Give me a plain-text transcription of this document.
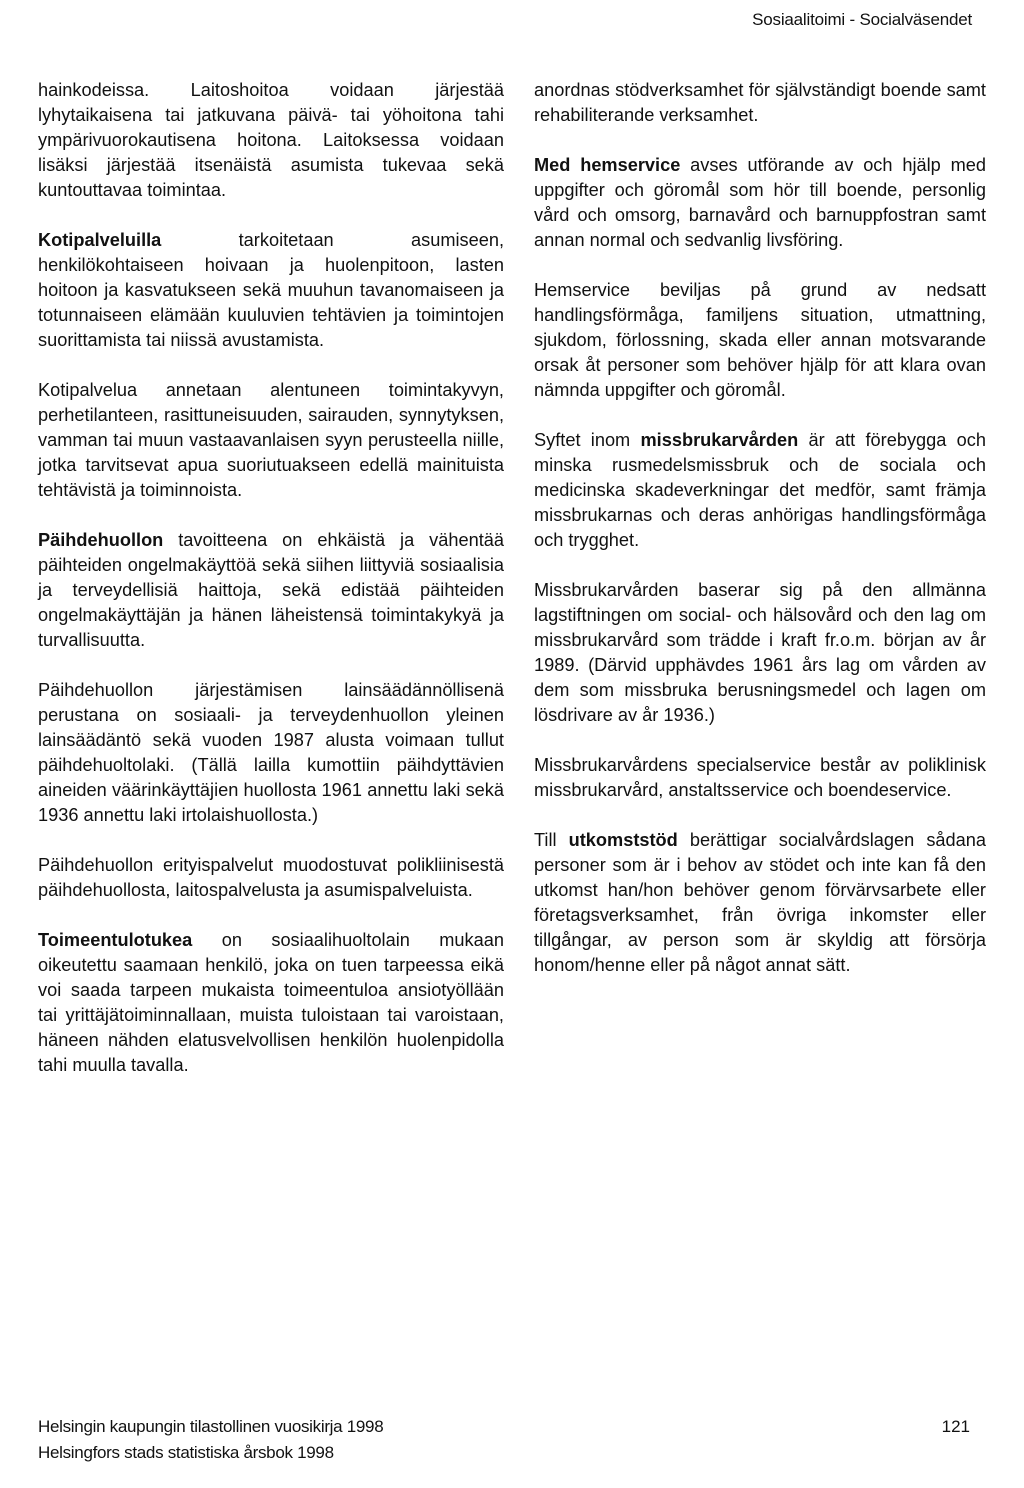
Sosiaalitoimi - Socialväsendet

hainkodeissa. Laitoshoitoa voidaan järjestää lyhytaikaisena tai jatkuvana päivä- tai yöhoitona tahi ympärivuorokautisena hoitona. Laitoksessa voidaan lisäksi järjestää itsenäistä asumista tukevaa sekä kuntouttavaa toimintaa.

Kotipalveluilla tarkoitetaan asumiseen, henkilökohtaiseen hoivaan ja huolenpitoon, lasten hoitoon ja kasvatukseen sekä muuhun tavanomaiseen ja totunnaiseen elämään kuuluvien tehtävien ja toimintojen suorittamista tai niissä avustamista.

Kotipalvelua annetaan alentuneen toimintakyvyn, perhetilanteen, rasittuneisuuden, sairauden, synnytyksen, vamman tai muun vastaavanlaisen syyn perusteella niille, jotka tarvitsevat apua suoriutuakseen edellä mainituista tehtävistä ja toiminnoista.

Päihdehuollon tavoitteena on ehkäistä ja vähentää päihteiden ongelmakäyttöä sekä siihen liittyviä sosiaalisia ja terveydellisiä haittoja, sekä edistää päihteiden ongelmakäyttäjän ja hänen läheistensä toimintakykyä ja turvallisuutta.

Päihdehuollon järjestämisen lainsäädännöllisenä perustana on sosiaali- ja terveydenhuollon yleinen lainsäädäntö sekä vuoden 1987 alusta voimaan tullut päihdehuoltolaki. (Tällä lailla kumottiin päihdyttävien aineiden väärinkäyttäjien huollosta 1961 annettu laki sekä 1936 annettu laki irtolaishuollosta.)

Päihdehuollon erityispalvelut muodostuvat polikliinisestä päihdehuollosta, laitospalvelusta ja asumispalveluista.

Toimeentulotukea on sosiaalihuoltolain mukaan oikeutettu saamaan henkilö, joka on tuen tarpeessa eikä voi saada tarpeen mukaista toimeentuloa ansiotyöllään tai yrittäjätoiminnallaan, muista tuloistaan tai varoistaan, häneen nähden elatusvelvollisen henkilön huolenpidolla tahi muulla tavalla.

anordnas stödverksamhet för självständigt boende samt rehabiliterande verksamhet.

Med hemservice avses utförande av och hjälp med uppgifter och göromål som hör till boende, personlig vård och omsorg, barnavård och barnuppfostran samt annan normal och sedvanlig livsföring.

Hemservice beviljas på grund av nedsatt handlingsförmåga, familjens situation, utmattning, sjukdom, förlossning, skada eller annan motsvarande orsak åt personer som behöver hjälp för att klara ovan nämnda uppgifter och göromål.

Syftet inom missbrukarvården är att förebygga och minska rusmedelsmissbruk och de sociala och medicinska skadeverkningar det medför, samt främja missbrukarnas och deras anhörigas handlingsförmåga och trygghet.

Missbrukarvården baserar sig på den allmänna lagstiftningen om social- och hälsovård och den lag om missbrukarvård som trädde i kraft fr.o.m. början av år 1989. (Därvid upphävdes 1961 års lag om vården av dem som missbruka berusningsmedel och lagen om lösdrivare av år 1936.)

Missbrukarvårdens specialservice består av poliklinisk missbrukarvård, anstaltsservice och boendeservice.

Till utkomststöd berättigar socialvårdslagen sådana personer som är i behov av stödet och inte kan få den utkomst han/hon behöver genom förvärvsarbete eller företagsverksamhet, från övriga inkomster eller tillgångar, av person som är skyldig att försörja honom/henne eller på något annat sätt.

Helsingin kaupungin tilastollinen vuosikirja 1998
Helsingfors stads statistiska årsbok 1998
121
